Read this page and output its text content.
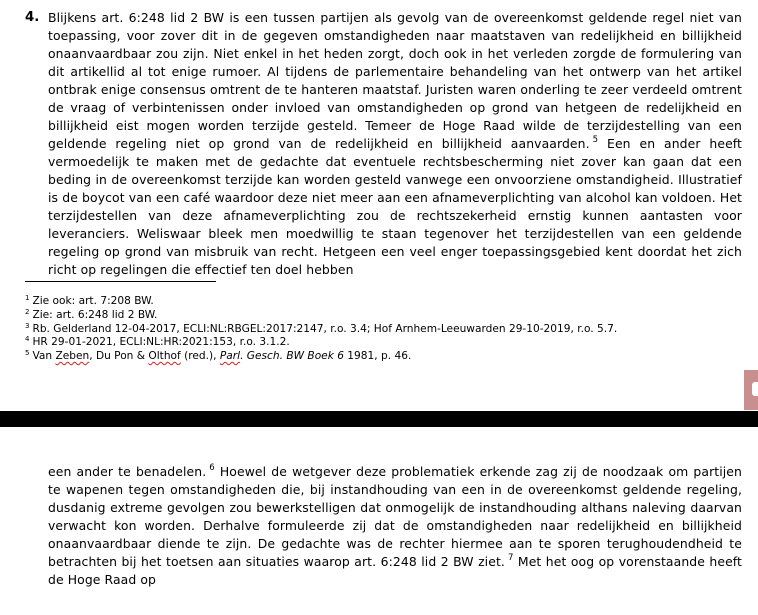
4. Blijkens art. 6:248 lid 2 BW is een tussen partijen als gevolg van de overeenkomst geldende regel niet van toepassing, voor zover dit in de gegeven omstandigheden naar maatstaven van redelijkheid en billijkheid onaanvaardbaar zou zijn. Niet enkel in het heden zorgt, doch ook in het verleden zorgde de formulering van dit artikellid al tot enige rumoer. Al tijdens de parlementaire behandeling van het ontwerp van het artikel ontbrak enige consensus omtrent de te hanteren maatstaf. Juristen waren onderling te zeer verdeeld omtrent de vraag of verbintenissen onder invloed van omstandigheden op grond van hetgeen de redelijkheid en billijkheid eist mogen worden terzijde gesteld. Temeer de Hoge Raad wilde de terzijdestelling van een geldende regeling niet op grond van de redelijkheid en billijkheid aanvaarden. $^5$ Een en ander heeft vermoedelijk te maken met de gedachte dat eventuele rechtsbescherming niet zover kan gaan dat een beding in de overeenkomst terzijde kan worden gesteld vanwege een onvoorziene omstandigheid. Illustratief is de boycot van een café waardoor deze niet meer aan een afnameverplichting van alcohol kan voldoen. Het terzijdestellen van deze afnameverplichting zou de rechtszekerheid ernstig kunnen aantasten voor leveranciers. Weliswaar bleek men moedwillig te staan tegenover het terzijdestellen van een geldende regeling op grond van misbruik van recht. Hetgeen een veel enger toepassingsgebied kent doordat het zich richt op regelingen die effectief ten doel hebben
$^1$ Zie ook: art. 7:208 BW.
$^2$ Zie: art. 6:248 lid 2 BW.
$^3$ Rb. Gelderland 12-04-2017, ECLI:NL:RBGEL:2017:2147, r.o. 3.4; Hof Arnhem-Leeuwarden 29-10-2019, r.o. 5.7.
$^4$ HR 29-01-2021, ECLI:NL:HR:2021:153, r.o. 3.1.2.
$^5$ Van Zeben, Du Pon & Olthof (red.), Parl. Gesch. BW Boek 6 1981, p. 46.
een ander te benadelen. $^6$ Hoewel de wetgever deze problematiek erkende zag zij de noodzaak om partijen te wapenen tegen omstandigheden die, bij instandhouding van een in de overeenkomst geldende regeling, dusdanig extreme gevolgen zou bewerkstelligen dat onmogelijk de instandhouding althans naleving daarvan verwacht kon worden. Derhalve formuleerde zij dat de omstandigheden naar redelijkheid en billijkheid onaanvaardbaar diende te zijn. De gedachte was de rechter hiermee aan te sporen terughoudendheid te betrachten bij het toetsen aan situaties waarop art. 6:248 lid 2 BW ziet. $^7$ Met het oog op vorenstaande heeft de Hoge Raad op
